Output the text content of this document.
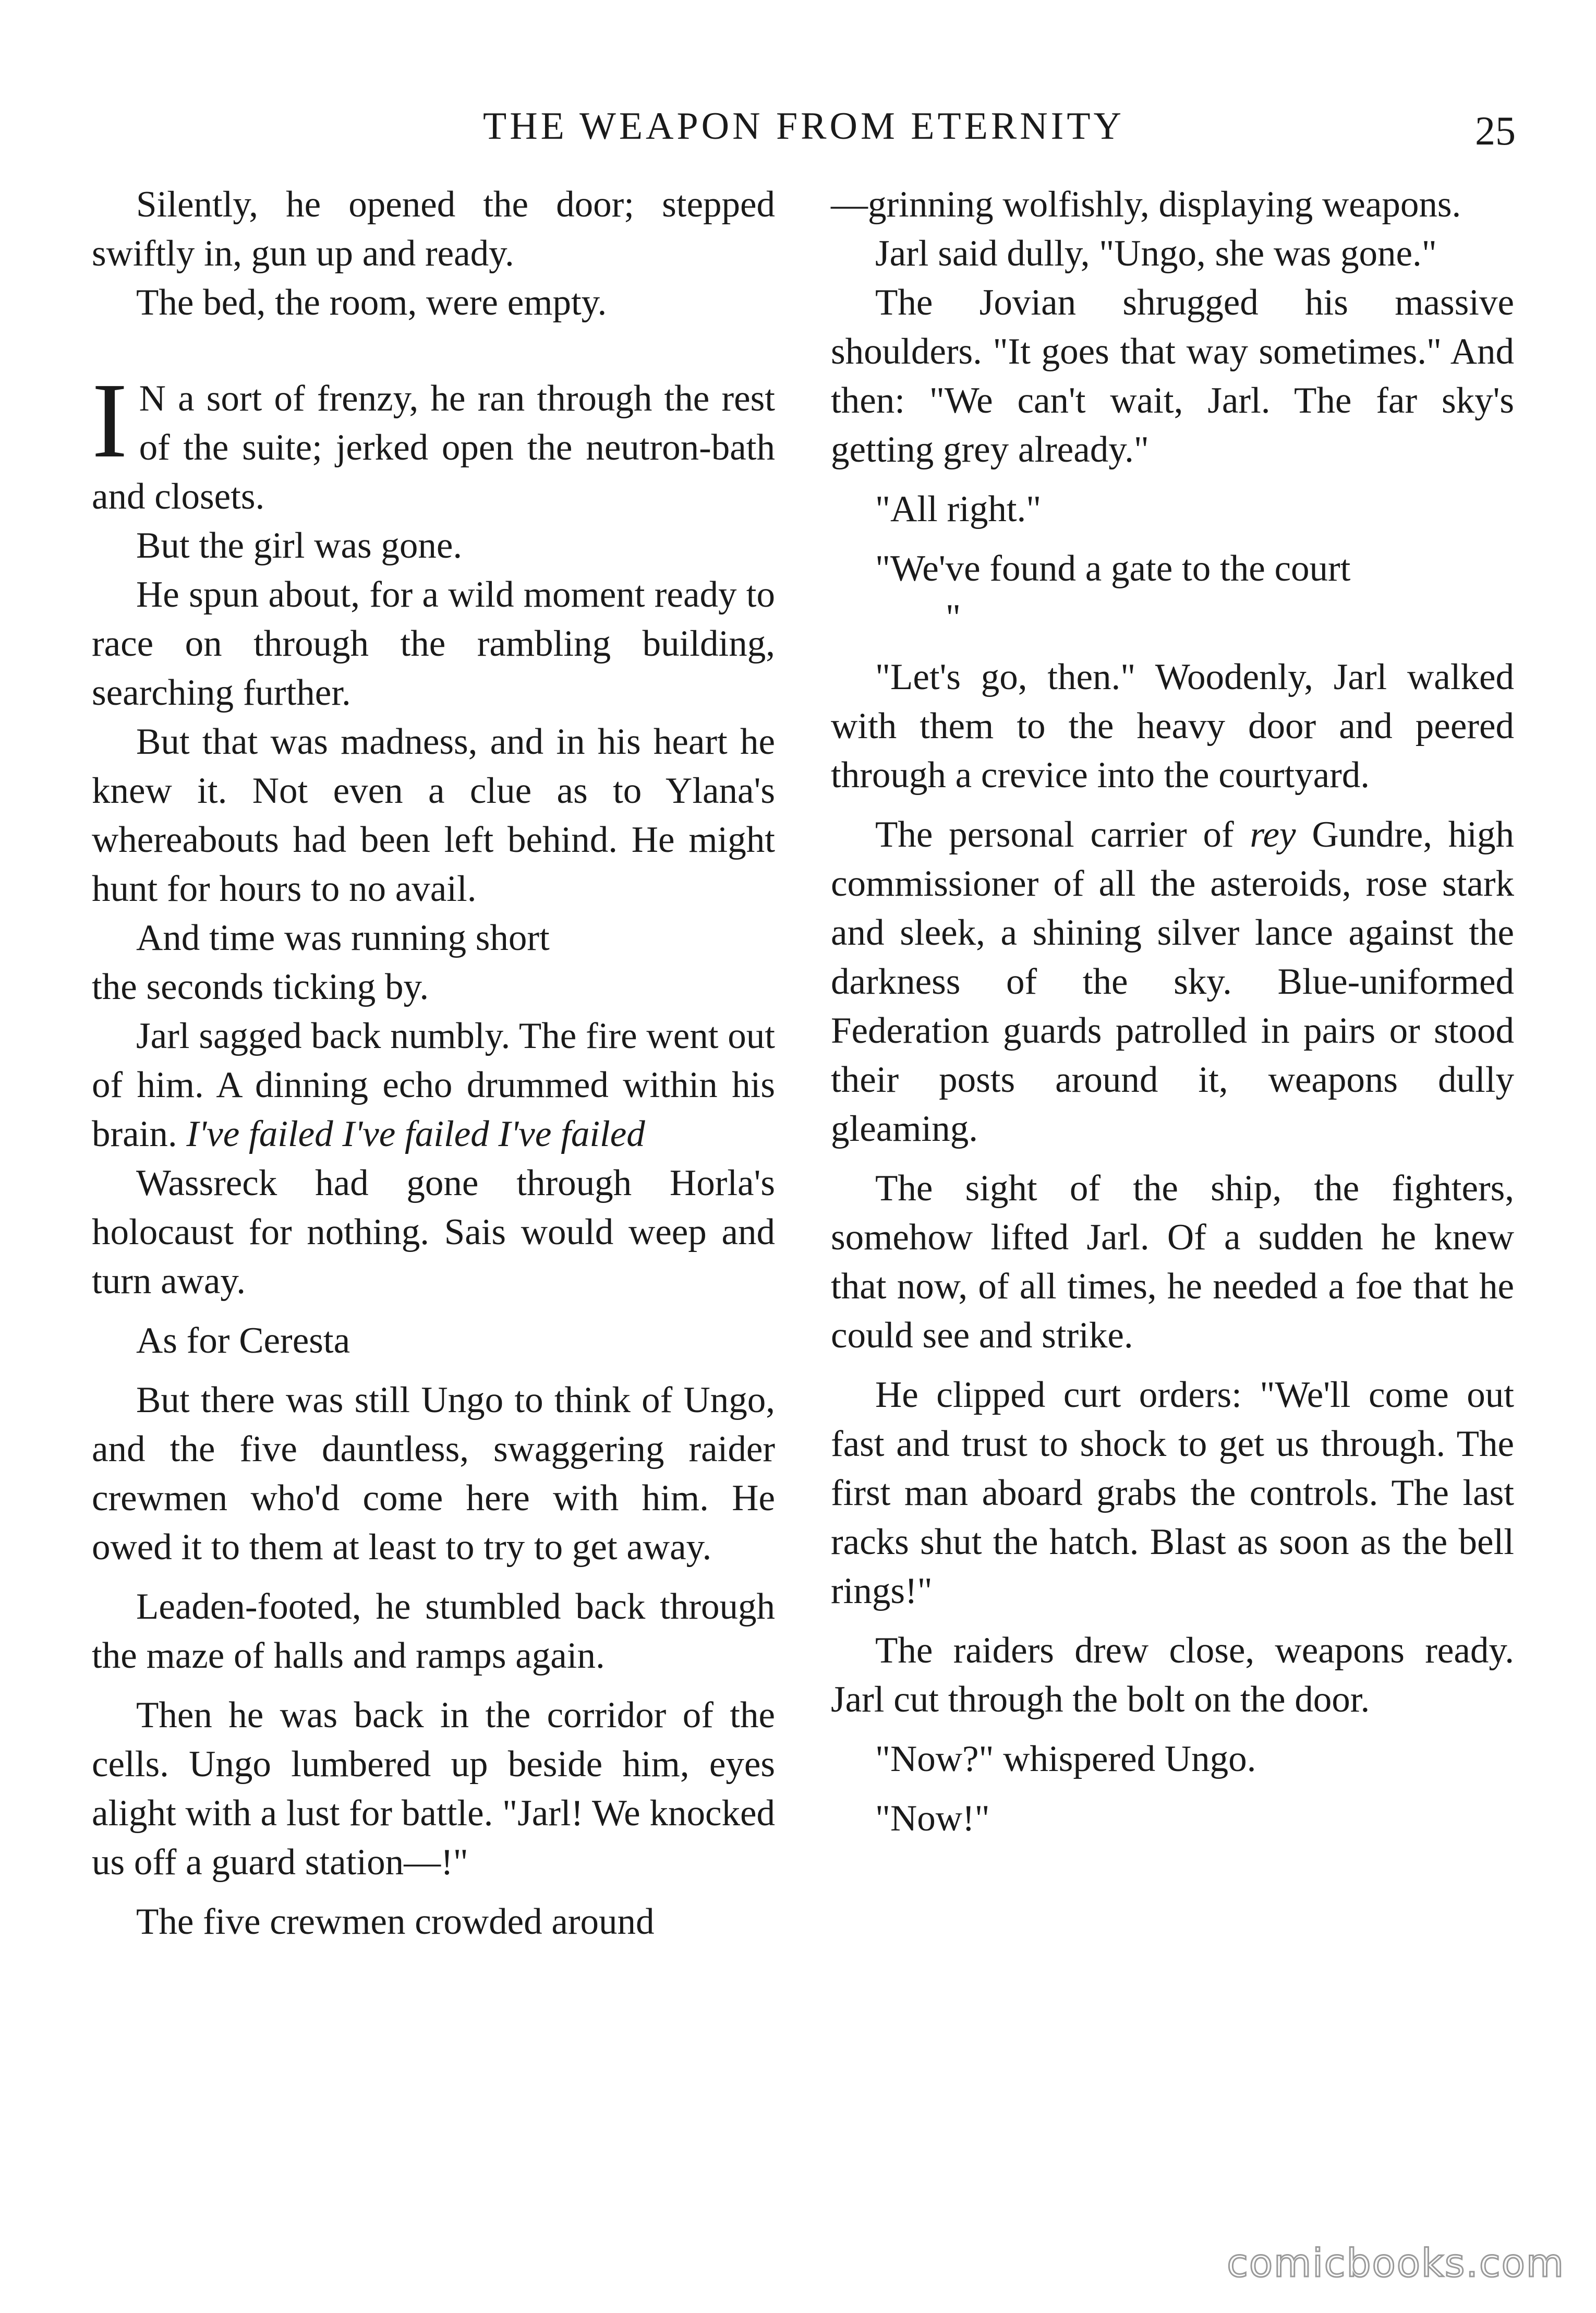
THE WEAPON FROM ETERNITY	25

Silently, he opened the door; stepped swiftly in, gun up and ready.

The bed, the room, were empty.

I N a sort of frenzy, he ran through the rest of the suite; jerked open the neutron-bath and closets.

But the girl was gone.

He spun about, for a wild moment ready to race on through the rambling building, searching further.

But that was madness, and in his heart he knew it. Not even a clue as to Ylana's whereabouts had been left behind. He might hunt for hours to no avail.

And time was running short

the seconds ticking by.

Jarl sagged back numbly. The fire went out of him. A dinning echo drummed within his brain. I've failed I've failed I've failed

Wassreck had gone through Horla's holocaust for nothing. Sais would weep and turn away.

As for Ceresta

But there was still Ungo to think of Ungo, and the five dauntless, swaggering raider crewmen who'd come here with him. He owed it to them at least to try to get away.

Leaden-footed, he stumbled back through the maze of halls and ramps again.

Then he was back in the corridor of the cells. Ungo lumbered up beside him, eyes alight with a lust for battle. "Jarl! We knocked us off a guard station—!"

The five crewmen crowded around

—grinning wolfishly, displaying weapons.

Jarl said dully, "Ungo, she was gone."

The Jovian shrugged his massive shoulders. "It goes that way sometimes." And then: "We can't wait, Jarl. The far sky's getting grey already."

"All right."

"We've found a gate to the court

"

"Let's go, then." Woodenly, Jarl walked with them to the heavy door and peered through a crevice into the courtyard.

The personal carrier of rey Gundre, high commissioner of all the asteroids, rose stark and sleek, a shining silver lance against the darkness of the sky. Blue-uniformed Federation guards patrolled in pairs or stood their posts around it, weapons dully gleaming.

The sight of the ship, the fighters, somehow lifted Jarl. Of a sudden he knew that now, of all times, he needed a foe that he could see and strike.

He clipped curt orders: "We'll come out fast and trust to shock to get us through. The first man aboard grabs the controls. The last racks shut the hatch. Blast as soon as the bell rings!"

The raiders drew close, weapons ready. Jarl cut through the bolt on the door.

"Now?" whispered Ungo.

"Now!"

comicbooks.com
